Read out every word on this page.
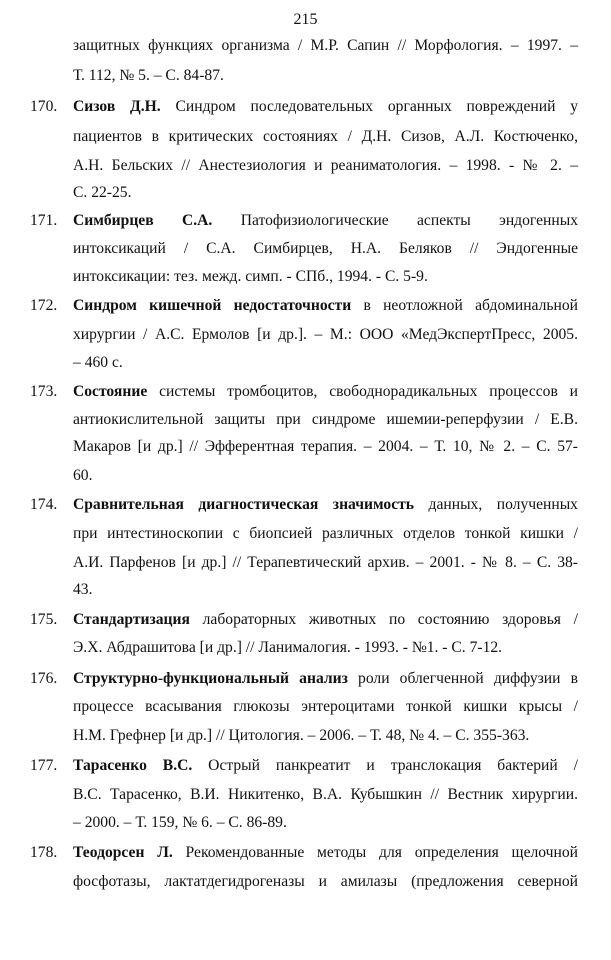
215
защитных функциях организма / М.Р. Сапин // Морфология. – 1997. –
Т. 112, № 5. – С. 84-87.
170. Сизов Д.Н. Синдром последовательных органных повреждений у
пациентов в критических состояниях / Д.Н. Сизов, А.Л. Костюченко,
А.Н. Бельских // Анестезиология и реаниматология. – 1998. - № 2. –
С. 22-25.
171. Симбирцев С.А. Патофизиологические аспекты эндогенных
интоксикаций / С.А. Симбирцев, Н.А. Беляков // Эндогенные
интоксикации: тез. межд. симп. - СПб., 1994. - С. 5-9.
172. Синдром кишечной недостаточности в неотложной абдоминальной
хирургии / А.С. Ермолов [и др.]. – М.: ООО «МедЭкспертПресс, 2005.
– 460 с.
173. Состояние системы тромбоцитов, свободнорадикальных процессов и
антиокислительной защиты при синдроме ишемии-реперфузии / Е.В.
Макаров [и др.] // Эфферентная терапия. – 2004. – Т. 10, № 2. – С. 57-
60.
174. Сравнительная диагностическая значимость данных, полученных
при интестиноскопии с биопсией различных отделов тонкой кишки /
А.И. Парфенов [и др.] // Терапевтический архив. – 2001. - № 8. – С. 38-
43.
175. Стандартизация лабораторных животных по состоянию здоровья /
Э.Х. Абдрашитова [и др.] // Ланималогия. - 1993. - №1. - С. 7-12.
176. Структурно-функциональный анализ роли облегченной диффузии в
процессе всасывания глюкозы энтероцитами тонкой кишки крысы /
Н.М. Грефнер [и др.] // Цитология. – 2006. – Т. 48, № 4. – С. 355-363.
177. Тарасенко В.С. Острый панкреатит и транслокация бактерий /
В.С. Тарасенко, В.И. Никитенко, В.А. Кубышкин // Вестник хирургии.
– 2000. – Т. 159, № 6. – С. 86-89.
178. Теодорсен Л. Рекомендованные методы для определения щелочной
фосфотазы, лактатдегидрогеназы и амилазы (предложения северной
